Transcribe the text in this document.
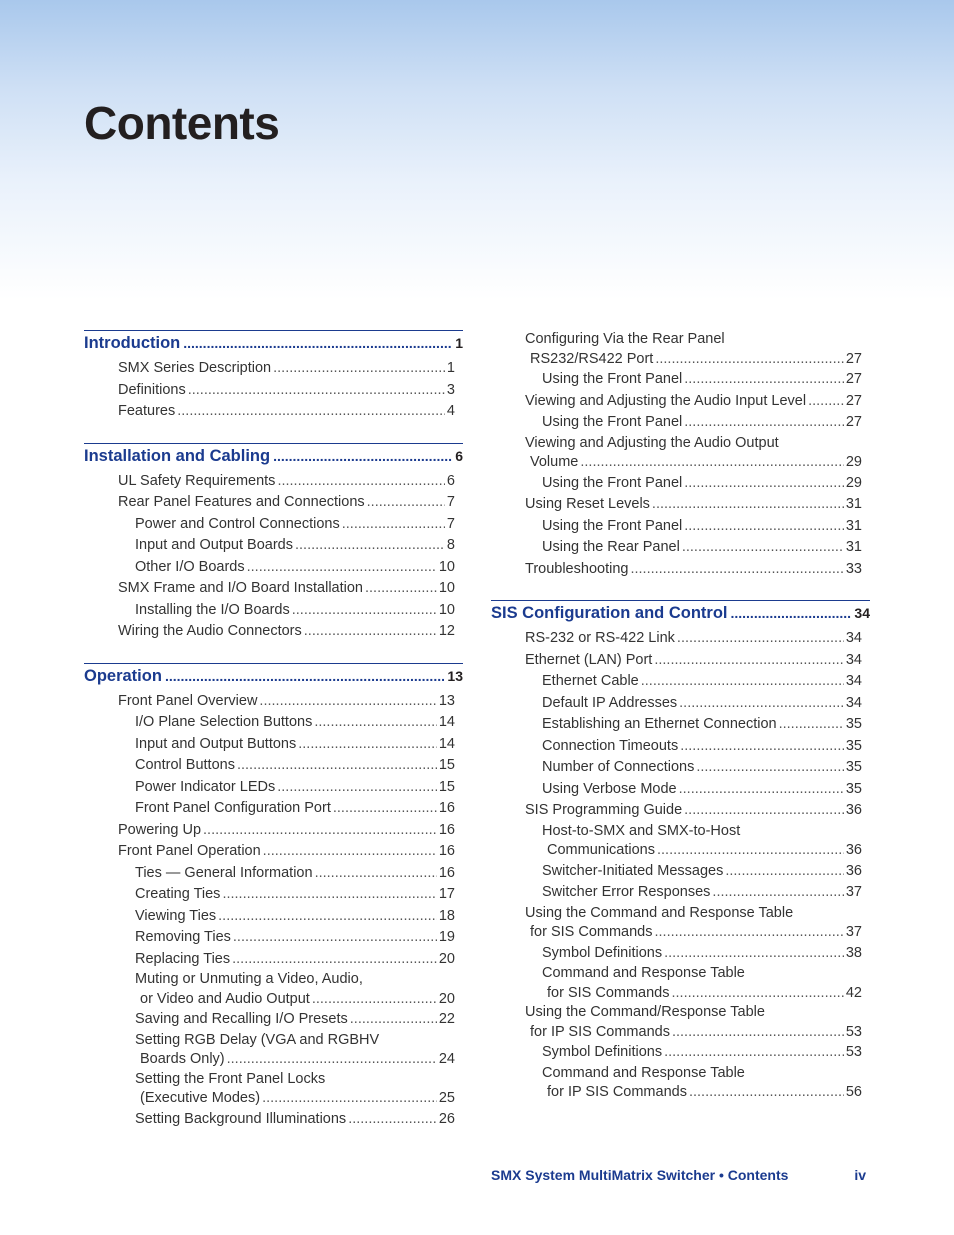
Contents
Introduction .....	1
SMX Series Description .....	1
Definitions .....	3
Features .....	4
Installation and Cabling .....	6
UL Safety Requirements .....	6
Rear Panel Features and Connections .....	7
Power and Control Connections .....	7
Input and Output Boards .....	8
Other I/O Boards .....	10
SMX Frame and I/O Board Installation .....	10
Installing the I/O Boards .....	10
Wiring the Audio Connectors .....	12
Operation .....	13
Front Panel Overview .....	13
I/O Plane Selection Buttons .....	14
Input and Output Buttons .....	14
Control Buttons .....	15
Power Indicator LEDs .....	15
Front Panel Configuration Port .....	16
Powering Up .....	16
Front Panel Operation .....	16
Ties — General Information .....	16
Creating Ties .....	17
Viewing Ties .....	18
Removing Ties .....	19
Replacing Ties .....	20
Muting or Unmuting a Video, Audio,
or Video and Audio Output .....	20
Saving and Recalling I/O Presets .....	22
Setting RGB Delay (VGA and RGBHV
Boards Only) .....	24
Setting the Front Panel Locks
(Executive Modes) .....	25
Setting Background Illuminations .....	26
Configuring Via the Rear Panel
RS232/RS422 Port .....	27
Using the Front Panel .....	27
Viewing and Adjusting the Audio Input Level .....	27
Using the Front Panel .....	27
Viewing and Adjusting the Audio Output
Volume .....	29
Using the Front Panel .....	29
Using Reset Levels .....	31
Using the Front Panel .....	31
Using the Rear Panel .....	31
Troubleshooting .....	33
SIS Configuration and Control .....	34
RS-232 or RS-422 Link .....	34
Ethernet (LAN) Port .....	34
Ethernet Cable .....	34
Default IP Addresses .....	34
Establishing an Ethernet Connection .....	35
Connection Timeouts .....	35
Number of Connections .....	35
Using Verbose Mode .....	35
SIS Programming Guide .....	36
Host-to-SMX and SMX-to-Host
Communications .....	36
Switcher-Initiated Messages .....	36
Switcher Error Responses .....	37
Using the Command and Response Table
for SIS Commands .....	37
Symbol Definitions .....	38
Command and Response Table
for SIS Commands .....	42
Using the Command/Response Table
for IP SIS Commands .....	53
Symbol Definitions .....	53
Command and Response Table
for IP SIS Commands .....	56
SMX System MultiMatrix Switcher • Contents	iv
